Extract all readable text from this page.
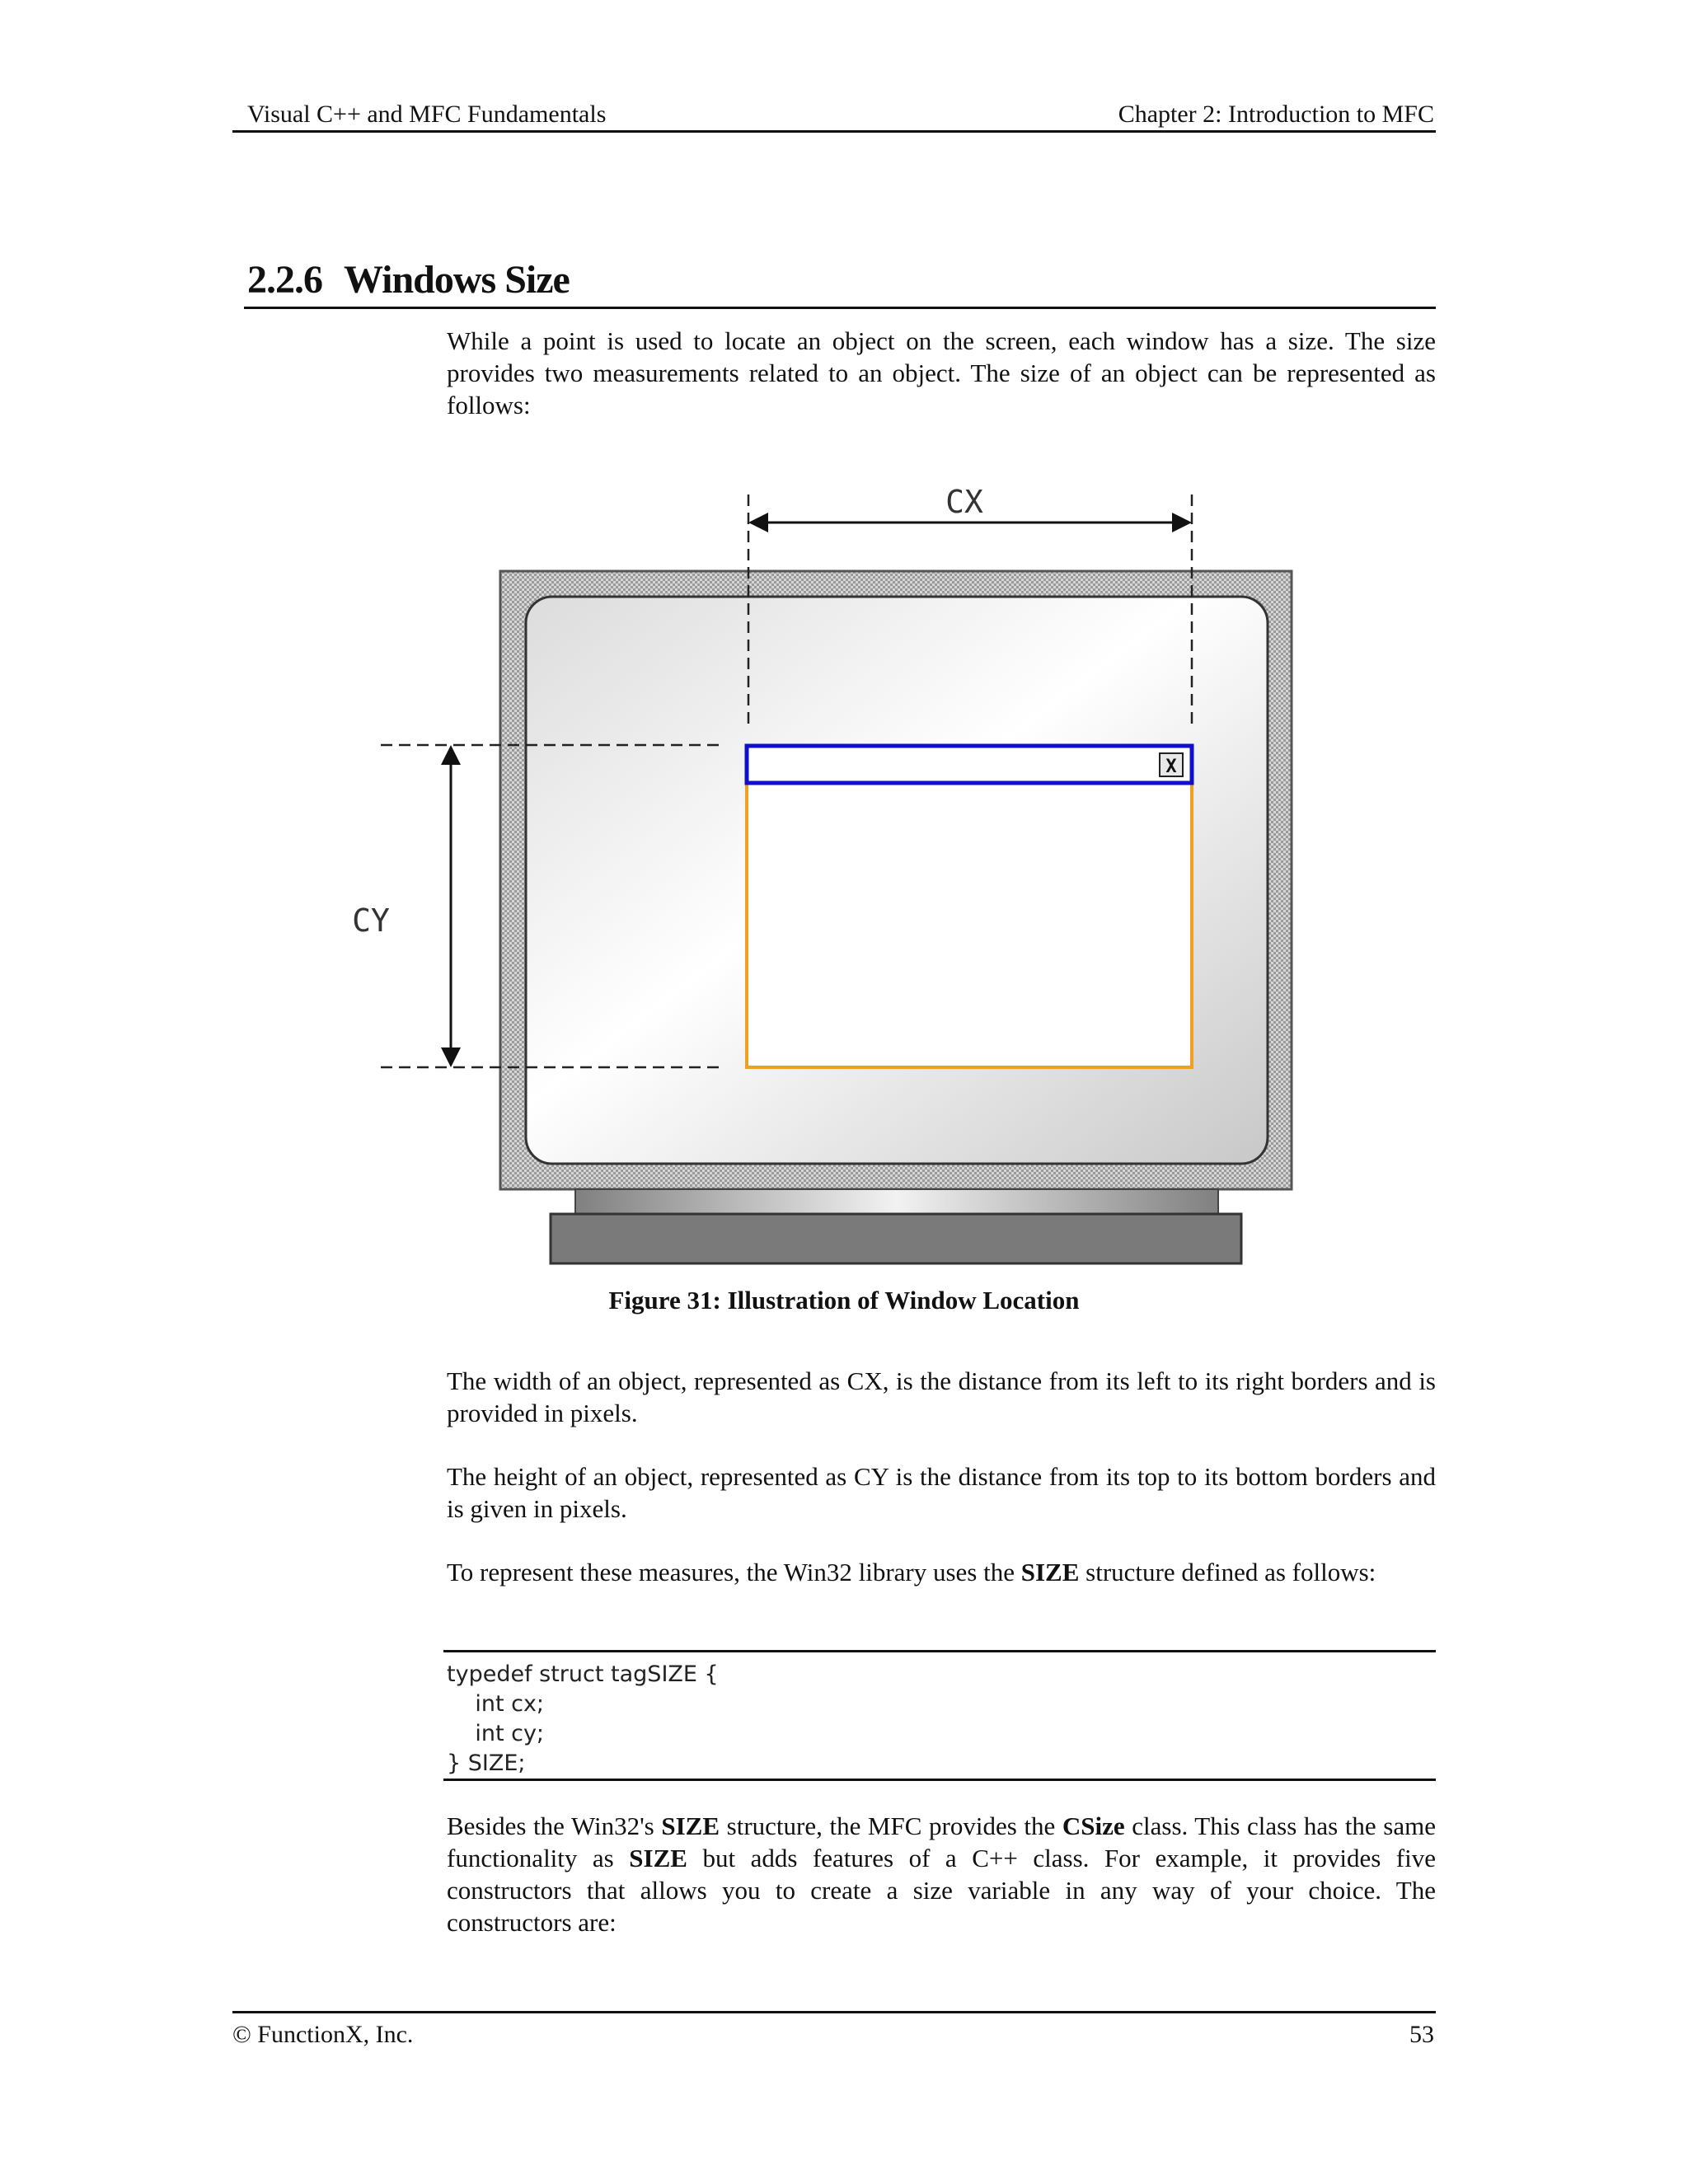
Visual C++ and MFC Fundamentals	Chapter 2: Introduction to MFC
2.2.6 Windows Size
While a point is used to locate an object on the screen, each window has a size. The size provides two measurements related to an object. The size of an object can be represented as follows:
X
CX
CY
Figure 31: Illustration of Window Location
The width of an object, represented as CX, is the distance from its left to its right borders and is provided in pixels.
The height of an object, represented as CY is the distance from its top to its bottom borders and is given in pixels.
To represent these measures, the Win32 library uses the SIZE structure defined as follows:
typedef struct tagSIZE {
int cx;
int cy;
} SIZE;
Besides the Win32's SIZE structure, the MFC provides the CSize class. This class has the same functionality as SIZE but adds features of a C++ class. For example, it provides five constructors that allows you to create a size variable in any way of your choice. The constructors are:
© FunctionX, Inc.	53
